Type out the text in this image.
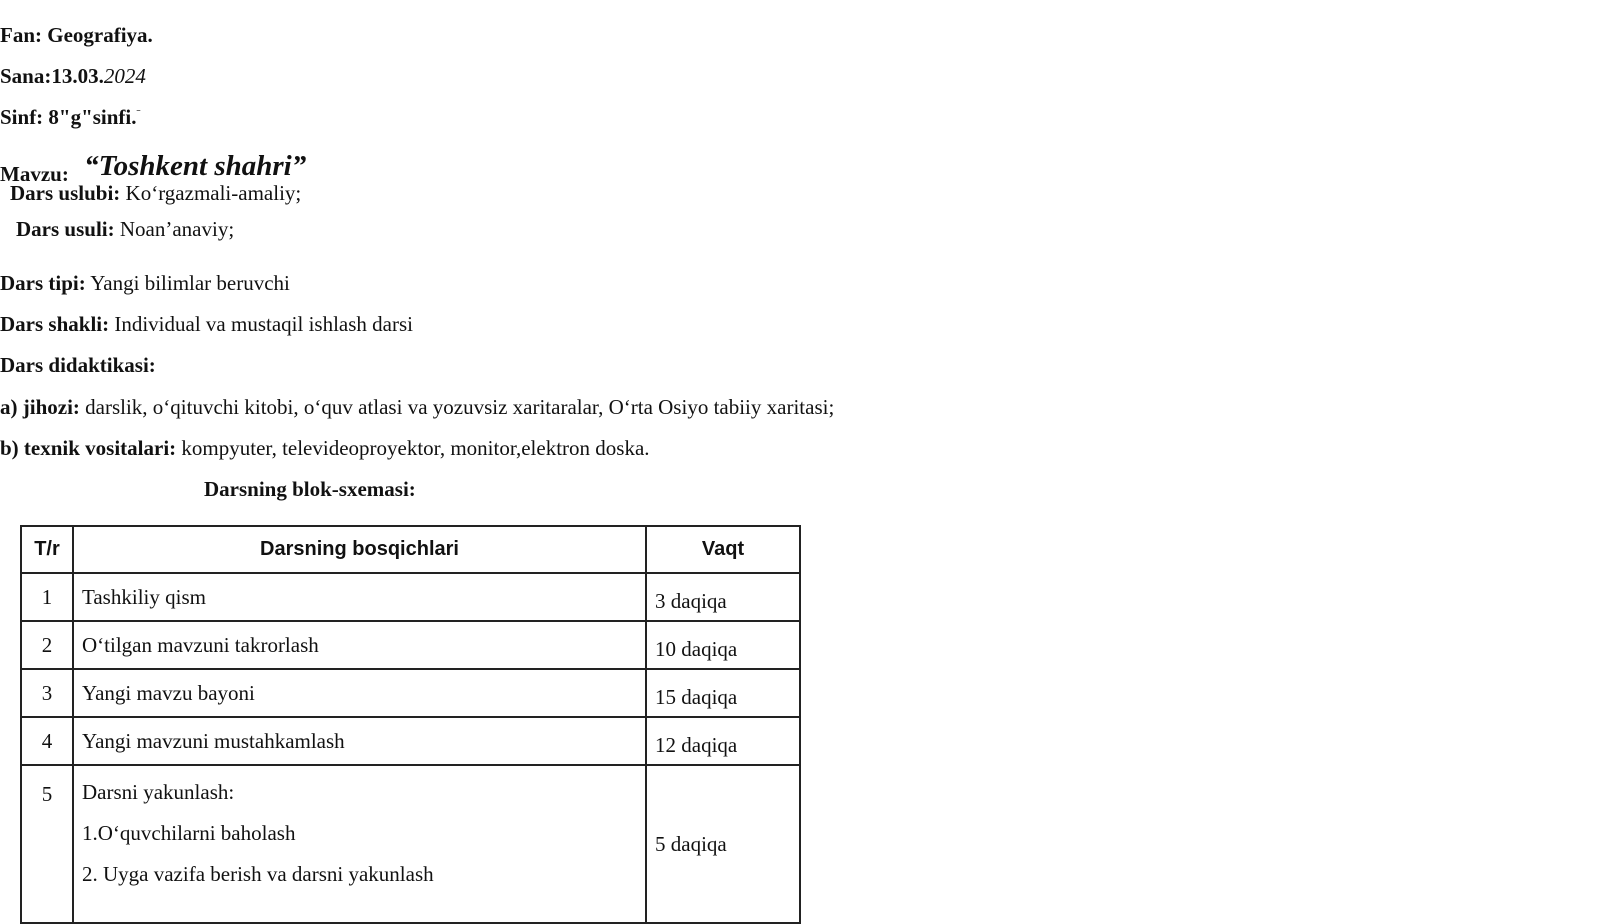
Fan: Geografiya.
Sana:13.03.2024
Sinf: 8"g"sinfi.$^ˉ$
Mavzu: “Toshkent shahri”
Dars uslubi: Ko‘rgazmali-amaliy;
Dars usuli: Noan’anaviy;
Dars tipi: Yangi bilimlar beruvchi
Dars shakli: Individual va mustaqil ishlash darsi
Dars didaktikasi:
a) jihozi: darslik, o‘qituvchi kitobi, o‘quv atlasi va yozuvsiz xaritaralar, O‘rta Osiyo tabiiy xaritasi;
b) texnik vositalari: kompyuter, televideoproyektor, monitor,elektron doska.
Darsning blok-sxemasi:
T/r	Darsning bosqichlari	Vaqt
1	Tashkiliy qism	3 daqiqa
2	O‘tilgan mavzuni takrorlash	10 daqiqa
3	Yangi mavzu bayoni	15 daqiqa
4	Yangi mavzuni mustahkamlash	12 daqiqa
5	Darsni yakunlash:
1.O‘quvchilarni baholash
2. Uyga vazifa berish va darsni yakunlash	5 daqiqa
